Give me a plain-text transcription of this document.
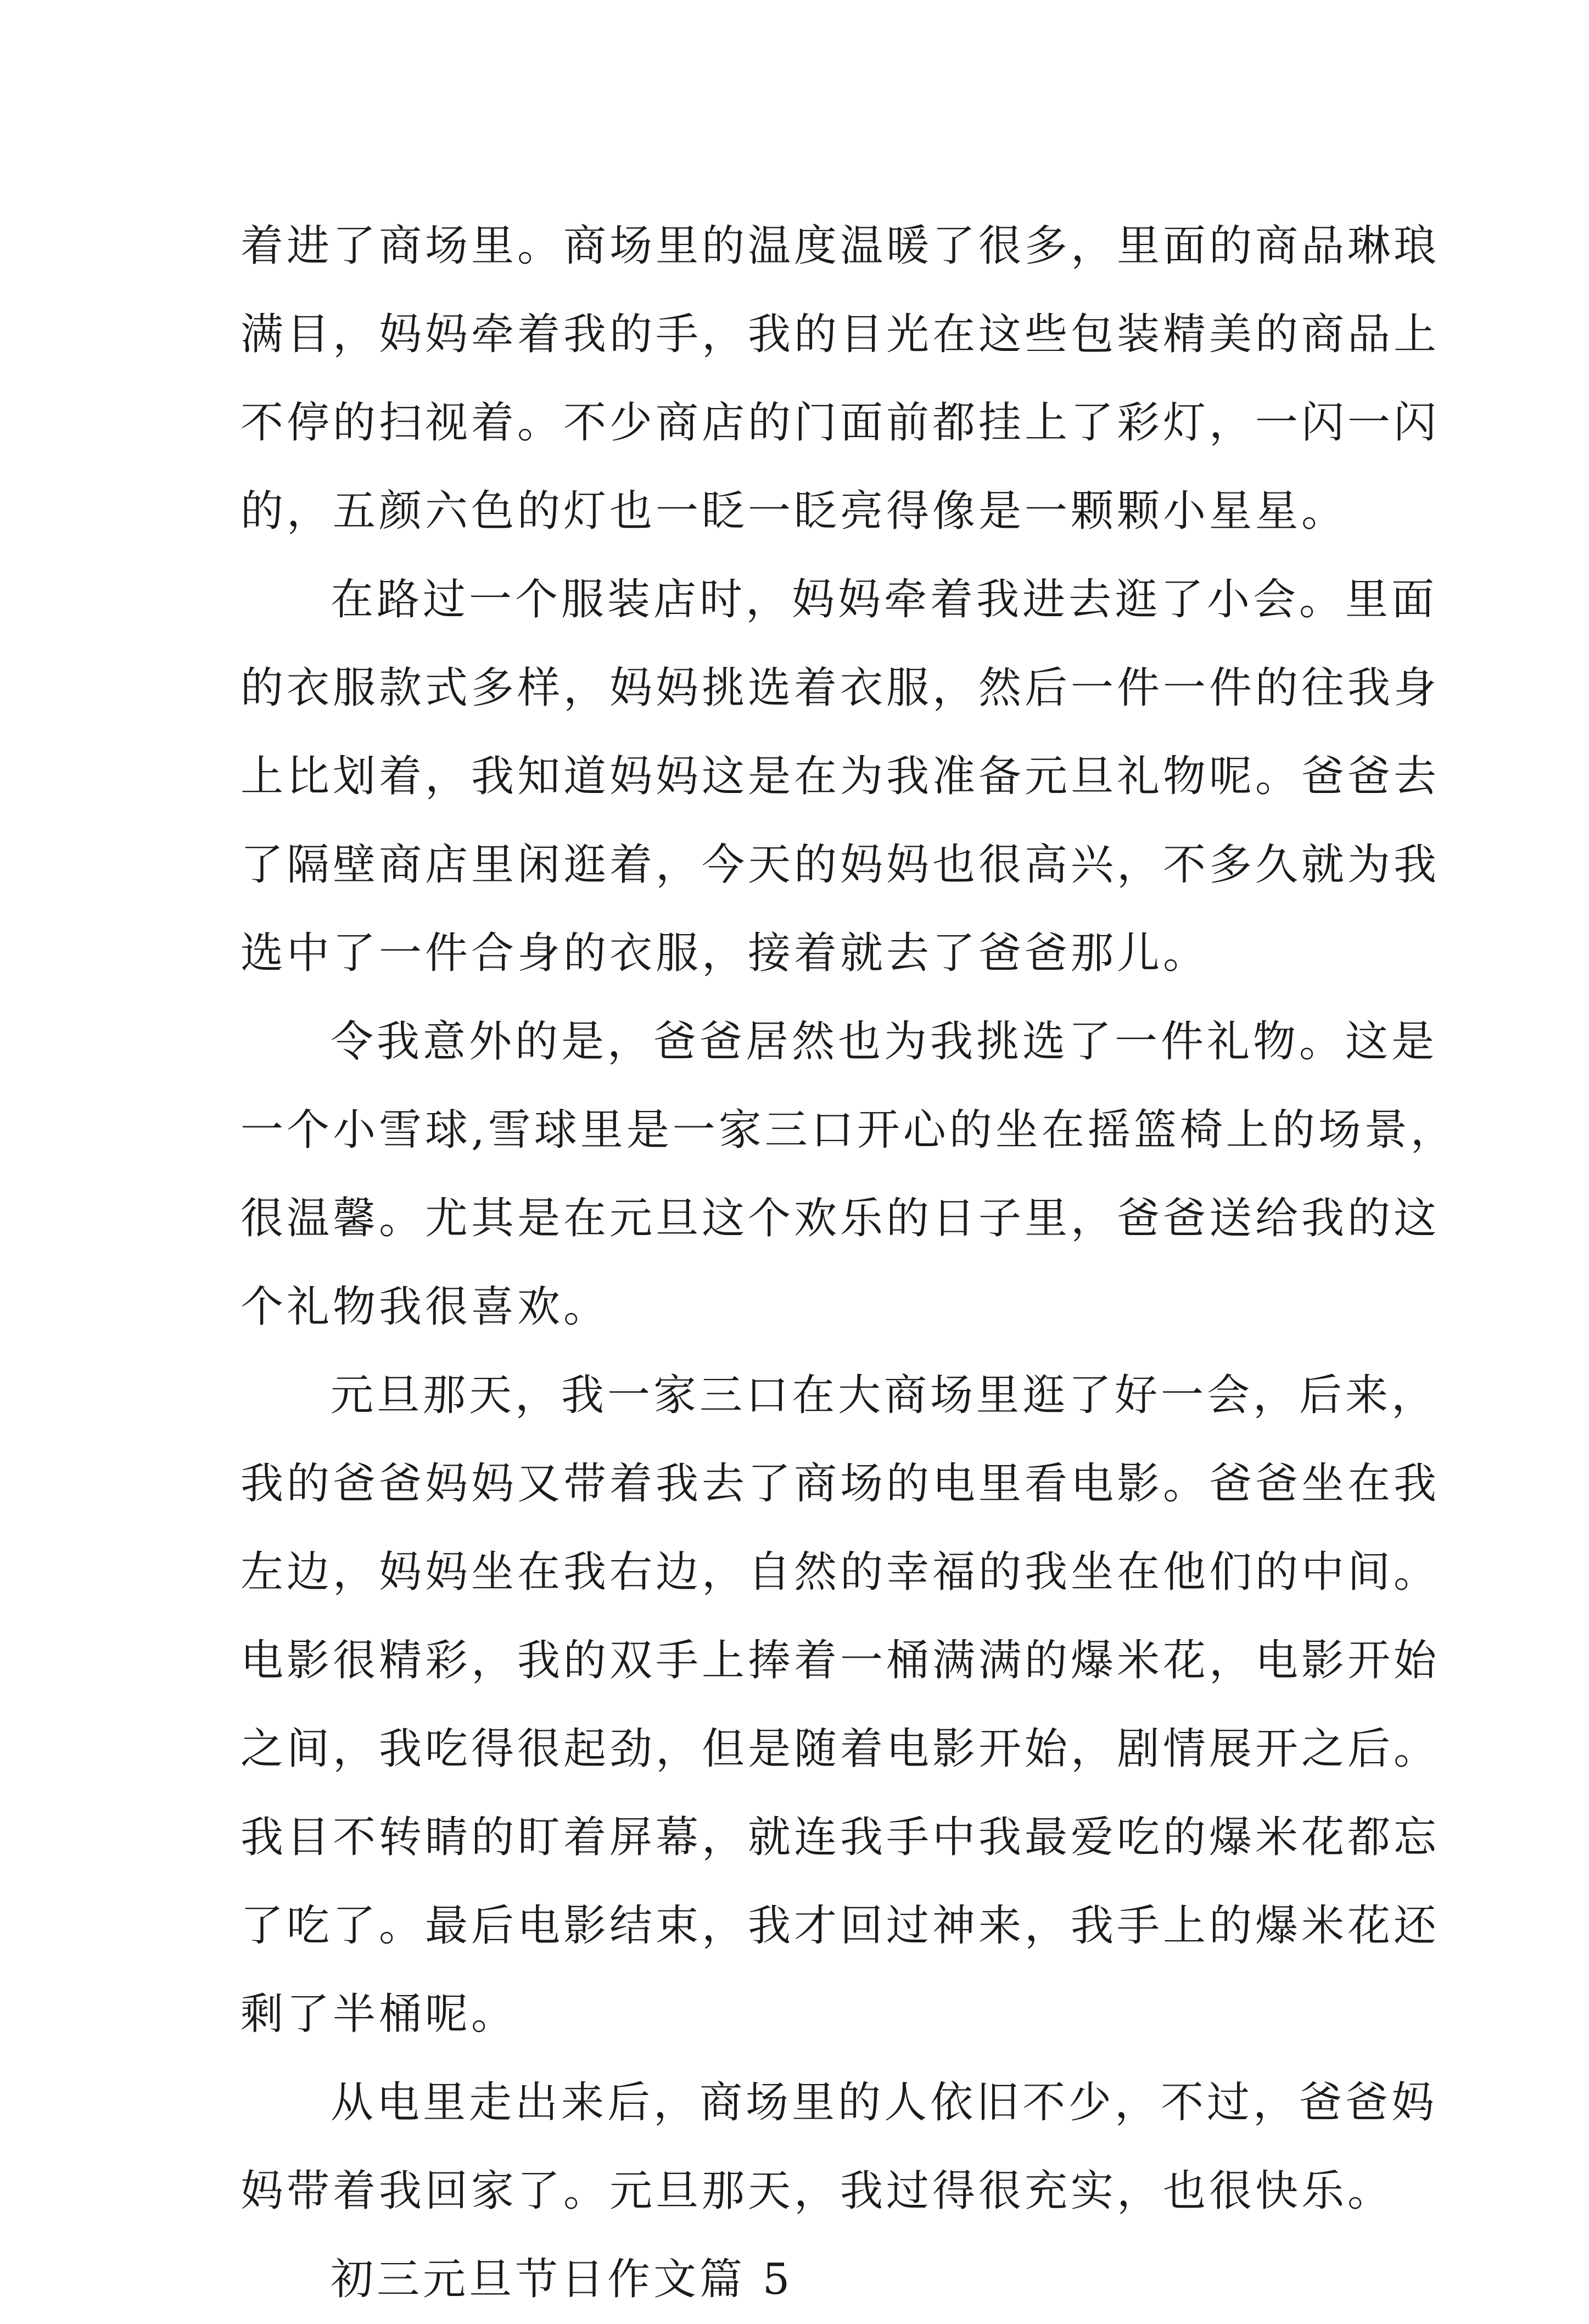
着进了商场里。商场里的温度温暖了很多，里面的商品琳琅
满目，妈妈牵着我的手，我的目光在这些包装精美的商品上
不停的扫视着。不少商店的门面前都挂上了彩灯，一闪一闪
的，五颜六色的灯也一眨一眨亮得像是一颗颗小星星。
在路过一个服装店时，妈妈牵着我进去逛了小会。里面
的衣服款式多样，妈妈挑选着衣服，然后一件一件的往我身
上比划着，我知道妈妈这是在为我准备元旦礼物呢。爸爸去
了隔壁商店里闲逛着，今天的妈妈也很高兴，不多久就为我
选中了一件合身的衣服，接着就去了爸爸那儿。
令我意外的是，爸爸居然也为我挑选了一件礼物。这是
一个小雪球,雪球里是一家三口开心的坐在摇篮椅上的场景，
很温馨。尤其是在元旦这个欢乐的日子里，爸爸送给我的这
个礼物我很喜欢。
元旦那天，我一家三口在大商场里逛了好一会，后来，
我的爸爸妈妈又带着我去了商场的电里看电影。爸爸坐在我
左边，妈妈坐在我右边，自然的幸福的我坐在他们的中间。
电影很精彩，我的双手上捧着一桶满满的爆米花，电影开始
之间，我吃得很起劲，但是随着电影开始，剧情展开之后。
我目不转睛的盯着屏幕，就连我手中我最爱吃的爆米花都忘
了吃了。最后电影结束，我才回过神来，我手上的爆米花还
剩了半桶呢。
从电里走出来后，商场里的人依旧不少，不过，爸爸妈
妈带着我回家了。元旦那天，我过得很充实，也很快乐。
初三元旦节日作文篇 5
